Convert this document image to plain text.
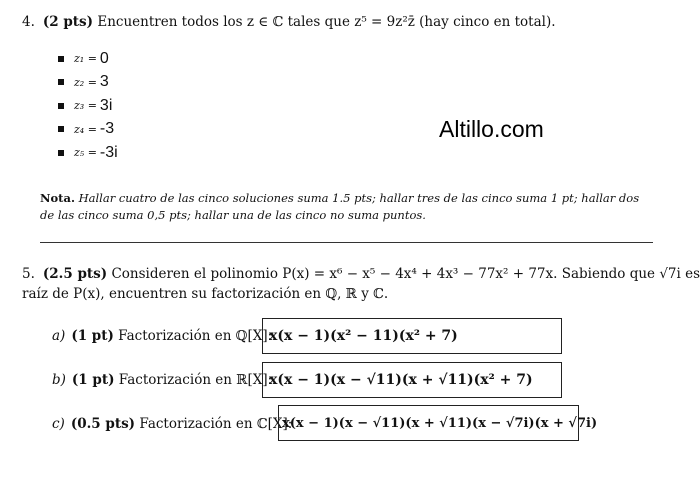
4. (2 pts) Encuentren todos los z ∈ ℂ tales que z⁵ = 9z²z̄ (hay cinco en total).
z₁ = 0
z₂ = 3
z₃ = 3i
z₄ = -3
z₅ = -3i
Altillo.com
Nota. Hallar cuatro de las cinco soluciones suma 1.5 pts; hallar tres de las cinco suma 1 pt; hallar dos de las cinco suma 0,5 pts; hallar una de las cinco no suma puntos.
5. (2.5 pts) Consideren el polinomio P(x) = x⁶ − x⁵ − 4x⁴ + 4x³ − 77x² + 77x. Sabiendo que √7i es
raíz de P(x), encuentren su factorización en ℚ, ℝ y ℂ.
a) (1 pt) Factorización en ℚ[X]:
x(x − 1)(x² − 11)(x² + 7)
b) (1 pt) Factorización en ℝ[X]:
x(x − 1)(x − √11)(x + √11)(x² + 7)
c) (0.5 pts) Factorización en ℂ[X]:
x(x − 1)(x − √11)(x + √11)(x − √7i)(x + √7i)
